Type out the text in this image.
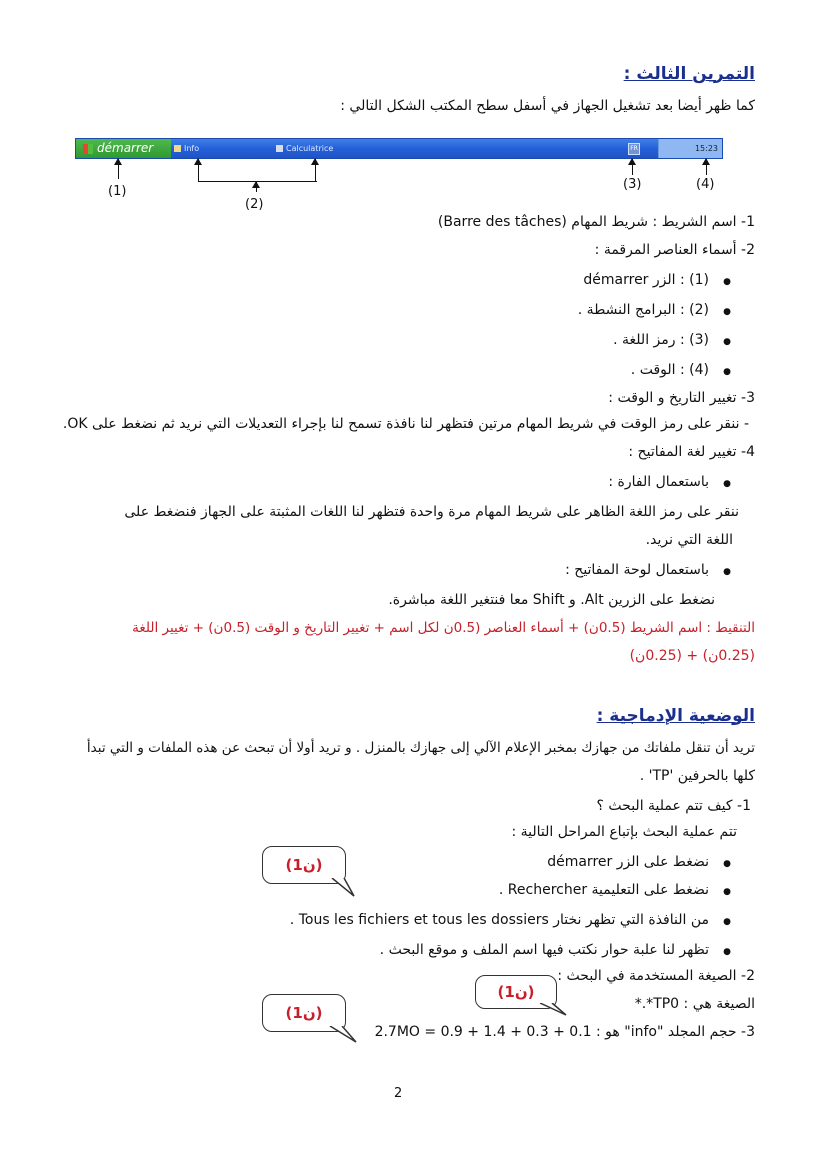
التمرين الثالث :
كما ظهر أيضا بعد تشغيل الجهاز في أسفل سطح المكتب الشكل التالي :
démarrer	Info	Calculatrice	FR	15:23
(1)
(2)
(3)	(4)
1- اسم الشريط : شريط المهام (Barre des tâches)
2- أسماء العناصر المرقمة :
● (1) : الزر démarrer
● (2) : البرامج النشطة .
● (3) : رمز اللغة .
● (4) : الوقت .
3- تغيير التاريخ و الوقت :
- ننقر على رمز الوقت في شريط المهام مرتين فتظهر لنا نافذة تسمح لنا بإجراء التعديلات التي نريد ثم نضغط على OK.
4- تغيير لغة المفاتيح :
● باستعمال الفارة :
ننقر على رمز اللغة الظاهر على شريط المهام مرة واحدة فتظهر لنا اللغات المثبتة على الجهاز فنضغط على
اللغة التي نريد.
● باستعمال لوحة المفاتيح :
نضغط على الزرين Alt. و Shift معا فنتغير اللغة مباشرة.
التنقيط : اسم الشريط (0.5ن) + أسماء العناصر (0.5ن لكل اسم + تغيير التاريخ و الوقت (0.5ن) + تغيير اللغة
(0.25ن) + (0.25ن)
الوضعية الإدماجية :
تريد أن تنقل ملفاتك من جهازك بمخبر الإعلام الآلي إلى جهازك بالمنزل . و تريد أولا أن تبحث عن هذه الملفات و التي تبدأ
كلها بالحرفين 'TP' .
1- كيف تتم عملية البحث ؟
تتم عملية البحث بإتباع المراحل التالية :
● نضغط على الزر démarrer
● نضغط على التعليمية Rechercher .
● من النافذة التي تظهر نختار Tous les fichiers et tous les dossiers .
● تظهر لنا علبة حوار نكتب فيها اسم الملف و موقع البحث .
2- الصيغة المستخدمة في البحث :
الصيغة هي : TP0*.*
3- حجم المجلد "info" هو : 0.1 + 0.3 + 1.4 + 0.9 = 2.7MO
(1ن)
(1ن)
(1ن)
2
